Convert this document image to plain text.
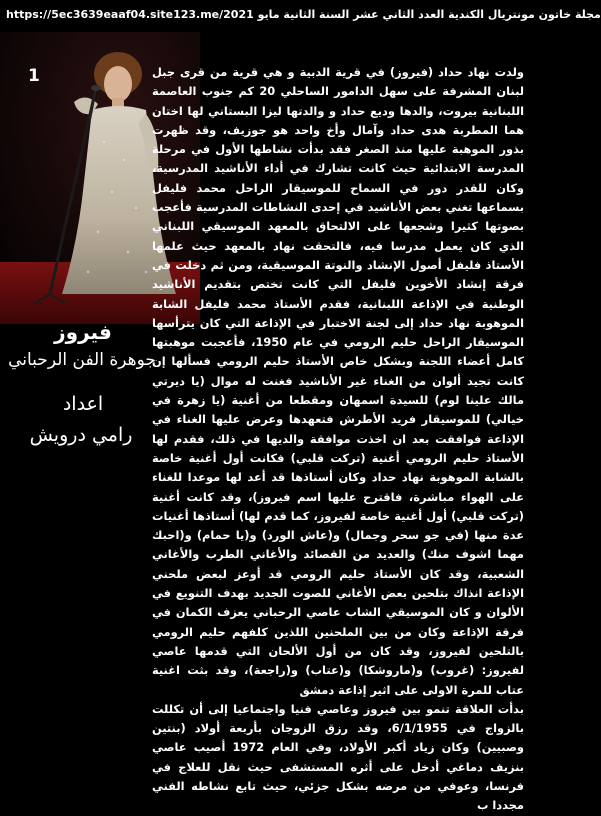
https://5ec3639eaaf04.site123.me/ مجلة خاتون مونتريال الكندية العدد الثاني عشر السنة الثانية مايو 2021
1
فيروز
جوهرة الفن الرحباني
اعداد
رامي درويش
ولدت نهاد حداد (فيروز) في قرية الدبية و هي قرية من قرى جبل لبنان المشرفة على سهل الدامور الساحلي 20 كم جنوب العاصمة اللبنانية بيروت، والدها وديع حداد و والدتها ليزا البستاني لها اختان هما المطربة هدى حداد وآمال وأخ واحد هو جوزيف، وقد ظهرت بذور الموهبة عليها منذ الصغر فقد بدأت نشاطها الأول في مرحلة المدرسة الابتدائية حيث كانت تشارك في أداء الأناشيد المدرسية، وكان للقدر دور في السماح للموسيقار الراحل محمد فليفل بسماعها تغني بعض الأناشيد في إحدى النشاطات المدرسية فأعجب بصوتها كثيرا وشجعها على الالتحاق بالمعهد الموسيقي اللبناني الذي كان يعمل مدرسا فيه، فالتحقت نهاد بالمعهد حيث علمها الأستاذ فليفل أصول الإنشاد والنوتة الموسيقية، ومن ثم دخلت في فرقة إنشاد الأخوين فليفل التي كانت تختص بتقديم الأناشيد الوطنية في الإذاعة اللبنانية، فقدم الأستاذ محمد فليفل الشابة الموهوبة نهاد حداد إلى لجنة الاختبار في الإذاعة التي كان يترأسها الموسيقار الراحل حليم الرومي في عام 1950، فأعجبت موهبتها كامل أعضاء اللجنة وبشكل خاص الأستاذ حليم الرومي فسألها إن كانت تجيد ألوان من الغناء غير الأناشيد فغنت له موال (يا ديرتي مالك علينا لوم) للسيدة اسمهان ومقطعا من أغنية (يا زهرة في خيالي) للموسيقار فريد الأطرش فتعهدها وعرض عليها الغناء في الإذاعة فوافقت بعد ان اخذت موافقة والديها في ذلك، فقدم لها الأستاذ حليم الرومي أغنية (تركت قلبي) فكانت أول أغنية خاصة بالشابة الموهوبة نهاد حداد وكان أستاذها قد أعد لها موعدا للغناء على الهواء مباشرة، فاقترح عليها اسم فيروز)، وقد كانت أغنية (تركت قلبي) أول أغنية خاصة لفيروز، كما قدم لها) أستاذها أغنيات عدة منها (في جو سحر وجمال) و(عاش الورد) و(يا حمام) و(احبك مهما اشوف منك) والعديد من القصائد والأغاني الطرب والأغاني الشعبية، وقد كان الأستاذ حليم الرومي قد أوعز لبعض ملحني الإذاعة انذاك بتلحين بعض الأغاني للصوت الجديد بهدف التنويع في الألوان و كان الموسيقي الشاب عاصي الرحباني يعزف الكمان في فرقة الإذاعة وكان من بين الملحنين اللذين كلفهم حليم الرومي بالتلحين لفيروز، وقد كان من أول الألحان التي قدمها عاصي لفيروز: (غروب) و(ماروشكا) و(عتاب) و(راجعة)، وقد بثت اغنية عتاب للمرة الاولى على اثير إذاعة دمشق
بدأت العلاقة تنمو بين فيروز وعاصي فنيا واجتماعيا إلى أن تكللت بالزواج في 6/1/1955، وقد رزق الزوجان بأربعة أولاد (بنتين وصبيين) وكان زياد أكبر الأولاد، وفي العام 1972 أصيب عاصي بنزيف دماغي أدخل على أثره المستشفى حيث نقل للعلاج في فرنسا، وعوفي من مرضه بشكل جزئي، حيث تابع نشاطه الفني مجددا ب
